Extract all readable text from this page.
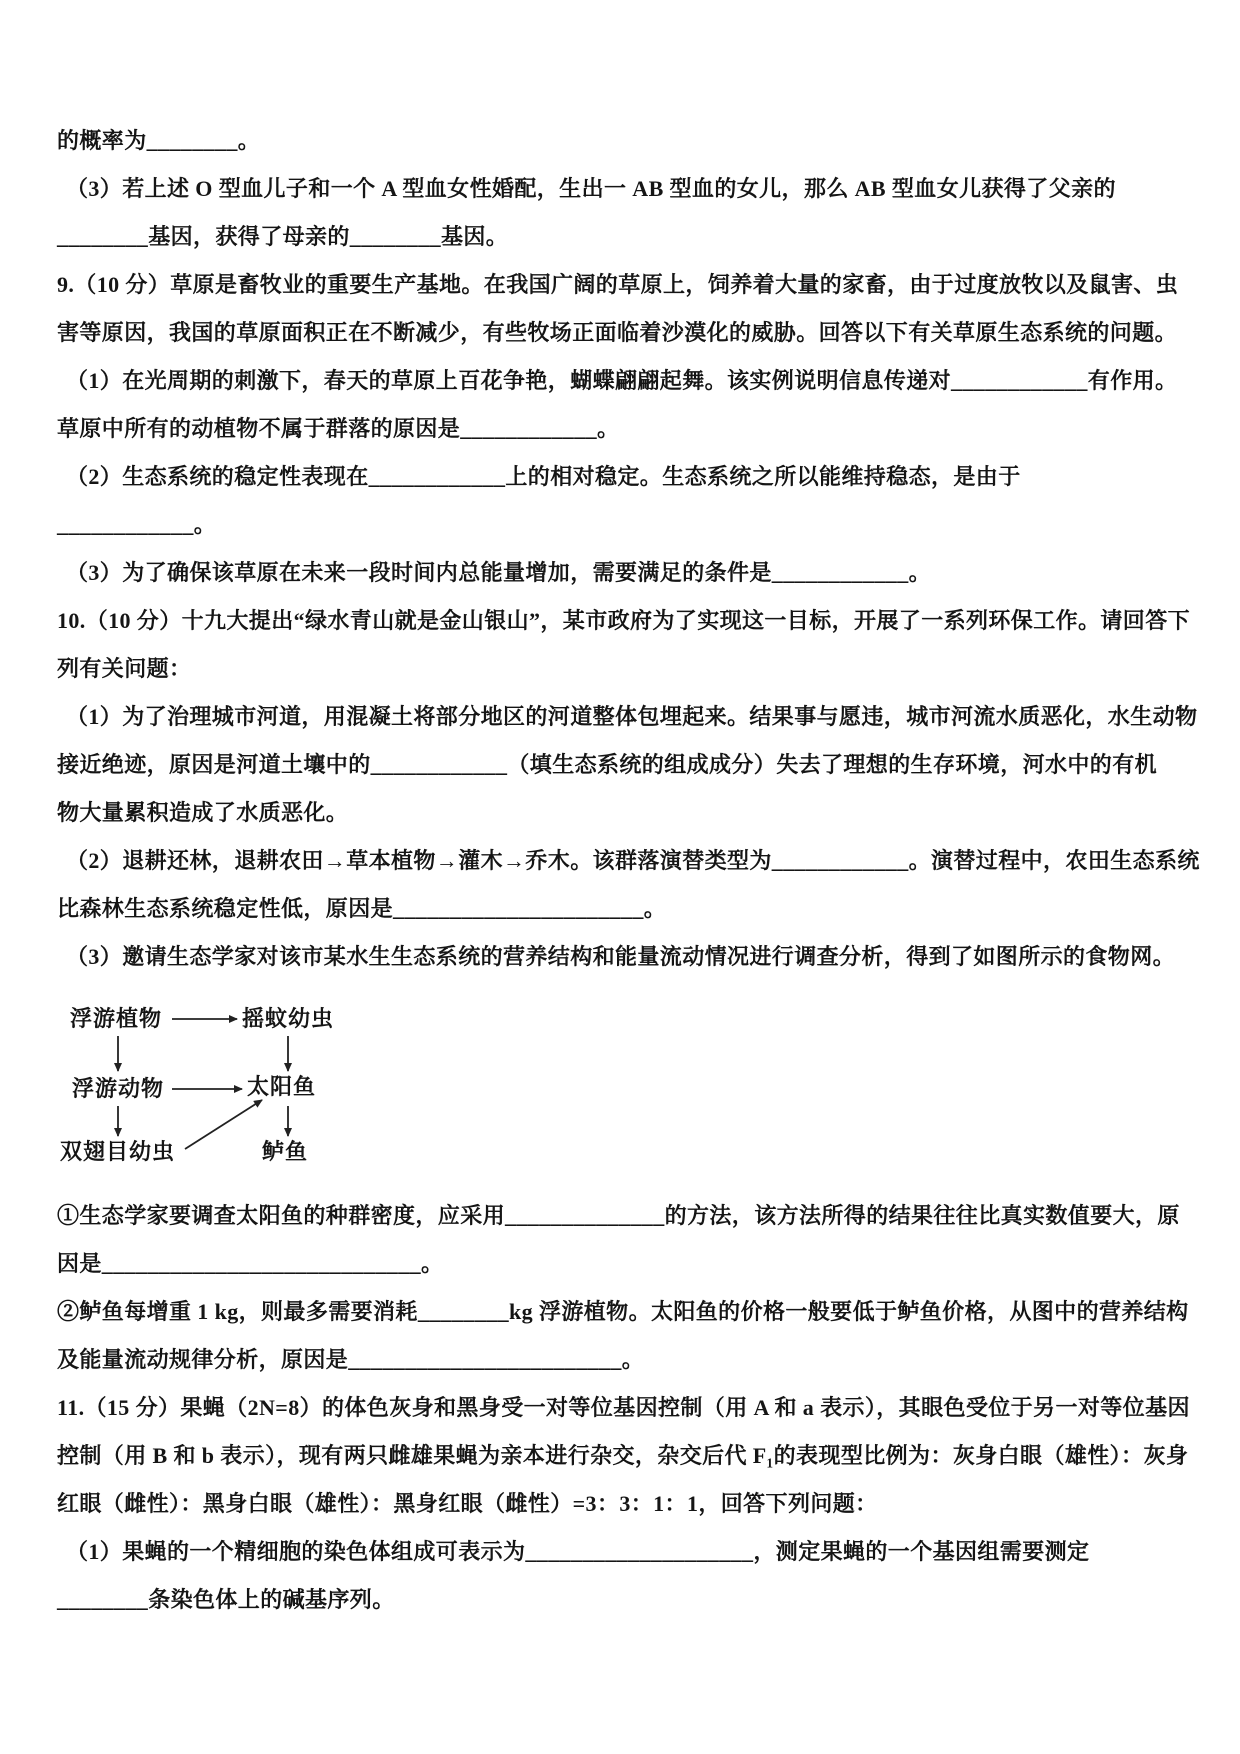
的概率为________。

（3）若上述 O 型血儿子和一个 A 型血女性婚配，生出一 AB 型血的女儿，那么 AB 型血女儿获得了父亲的

________基因，获得了母亲的________基因。

9.（10 分）草原是畜牧业的重要生产基地。在我国广阔的草原上，饲养着大量的家畜，由于过度放牧以及鼠害、虫

害等原因，我国的草原面积正在不断减少，有些牧场正面临着沙漠化的威胁。回答以下有关草原生态系统的问题。

（1）在光周期的刺激下，春天的草原上百花争艳，蝴蝶翩翩起舞。该实例说明信息传递对____________有作用。

草原中所有的动植物不属于群落的原因是____________。

（2）生态系统的稳定性表现在____________上的相对稳定。生态系统之所以能维持稳态，是由于

____________。

（3）为了确保该草原在未来一段时间内总能量增加，需要满足的条件是____________。

10.（10 分）十九大提出“绿水青山就是金山银山”，某市政府为了实现这一目标，开展了一系列环保工作。请回答下

列有关问题：

（1）为了治理城市河道，用混凝土将部分地区的河道整体包埋起来。结果事与愿违，城市河流水质恶化，水生动物

接近绝迹，原因是河道土壤中的____________（填生态系统的组成成分）失去了理想的生存环境，河水中的有机

物大量累积造成了水质恶化。

（2）退耕还林，退耕农田→草本植物→灌木→乔木。该群落演替类型为____________。演替过程中，农田生态系统

比森林生态系统稳定性低，原因是______________________。

（3）邀请生态学家对该市某水生生态系统的营养结构和能量流动情况进行调查分析，得到了如图所示的食物网。

浮游植物	摇蚊幼虫
浮游动物	太阳鱼
双翅目幼虫	鲈鱼

①生态学家要调查太阳鱼的种群密度，应采用______________的方法，该方法所得的结果往往比真实数值要大，原

因是____________________________。

②鲈鱼每增重 1 kg，则最多需要消耗________kg 浮游植物。太阳鱼的价格一般要低于鲈鱼价格，从图中的营养结构

及能量流动规律分析，原因是________________________。

11.（15 分）果蝇（2N=8）的体色灰身和黑身受一对等位基因控制（用 A 和 a 表示），其眼色受位于另一对等位基因

控制（用 B 和 b 表示），现有两只雌雄果蝇为亲本进行杂交，杂交后代 F₁的表现型比例为：灰身白眼（雄性）：灰身

红眼（雌性）：黑身白眼（雄性）：黑身红眼（雌性）=3：3：1：1，回答下列问题：

（1）果蝇的一个精细胞的染色体组成可表示为____________________，测定果蝇的一个基因组需要测定

________条染色体上的碱基序列。
